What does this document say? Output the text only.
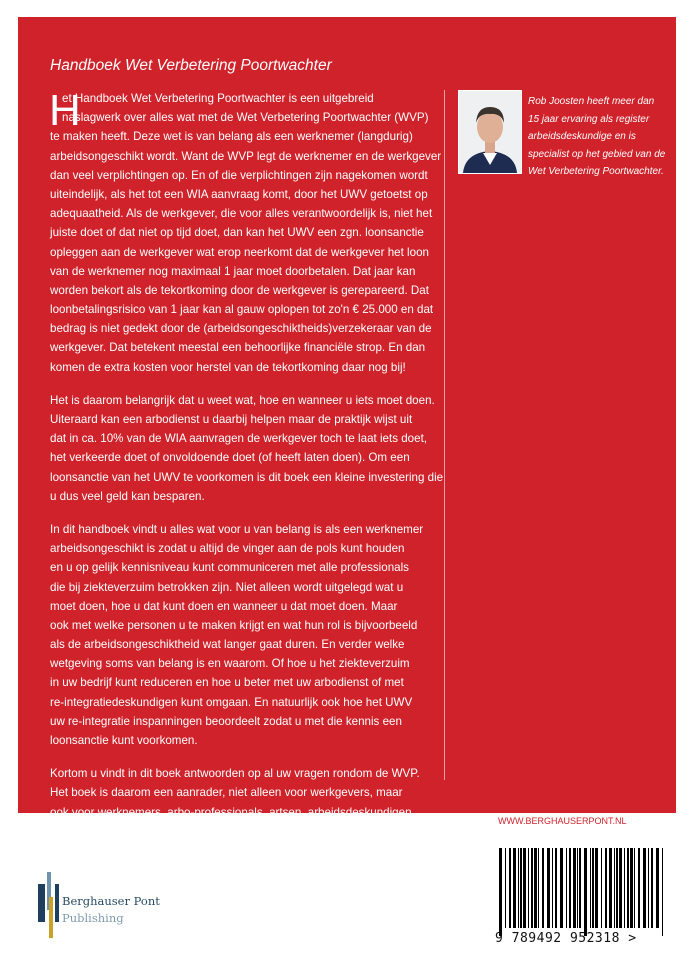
Handboek Wet Verbetering Poortwachter
H
et Handboek Wet Verbetering Poortwachter is een uitgebreid
naslagwerk over alles wat met de Wet Verbetering Poortwachter (WVP)
te maken heeft. Deze wet is van belang als een werknemer (langdurig)
arbeidsongeschikt wordt. Want de WVP legt de werknemer en de werkgever
dan veel verplichtingen op. En of die verplichtingen zijn nagekomen wordt
uiteindelijk, als het tot een WIA aanvraag komt, door het UWV getoetst op
adequaatheid. Als de werkgever, die voor alles verantwoordelijk is, niet het
juiste doet of dat niet op tijd doet, dan kan het UWV een zgn. loonsanctie
opleggen aan de werkgever wat erop neerkomt dat de werkgever het loon
van de werknemer nog maximaal 1 jaar moet doorbetalen. Dat jaar kan
worden bekort als de tekortkoming door de werkgever is gerepareerd. Dat
loonbetalingsrisico van 1 jaar kan al gauw oplopen tot zo'n € 25.000 en dat
bedrag is niet gedekt door de (arbeidsongeschiktheids)verzekeraar van de
werkgever. Dat betekent meestal een behoorlijke financiële strop. En dan
komen de extra kosten voor herstel van de tekortkoming daar nog bij!
Het is daarom belangrijk dat u weet wat, hoe en wanneer u iets moet doen.
Uiteraard kan een arbodienst u daarbij helpen maar de praktijk wijst uit
dat in ca. 10% van de WIA aanvragen de werkgever toch te laat iets doet,
het verkeerde doet of onvoldoende doet (of heeft laten doen). Om een
loonsanctie van het UWV te voorkomen is dit boek een kleine investering die
u dus veel geld kan besparen.
In dit handboek vindt u alles wat voor u van belang is als een werknemer
arbeidsongeschikt is zodat u altijd de vinger aan de pols kunt houden
en u op gelijk kennisniveau kunt communiceren met alle professionals
die bij ziekteverzuim betrokken zijn. Niet alleen wordt uitgelegd wat u
moet doen, hoe u dat kunt doen en wanneer u dat moet doen. Maar
ook met welke personen u te maken krijgt en wat hun rol is bijvoorbeeld
als de arbeidsongeschiktheid wat langer gaat duren. En verder welke
wetgeving soms van belang is en waarom. Of hoe u het ziekteverzuim
in uw bedrijf kunt reduceren en hoe u beter met uw arbodienst of met
re-integratiedeskundigen kunt omgaan. En natuurlijk ook hoe het UWV
uw re-integratie inspanningen beoordeelt zodat u met die kennis een
loonsanctie kunt voorkomen.
Kortom u vindt in dit boek antwoorden op al uw vragen rondom de WVP.
Het boek is daarom een aanrader, niet alleen voor werkgevers, maar
ook voor werknemers, arbo-professionals, artsen, arbeidsdeskundigen,
re-integratiebedrijven, casemanagers, HRM-medewerkers, advocaten, en
leidinggevenden.
Rob Joosten heeft meer dan
15 jaar ervaring als register
arbeidsdeskundige en is
specialist op het gebied van de
Wet Verbetering Poortwachter.
WWW.BERGHAUSERPONT.NL
Berghauser Pont
Publishing
9 789492 952318 >
